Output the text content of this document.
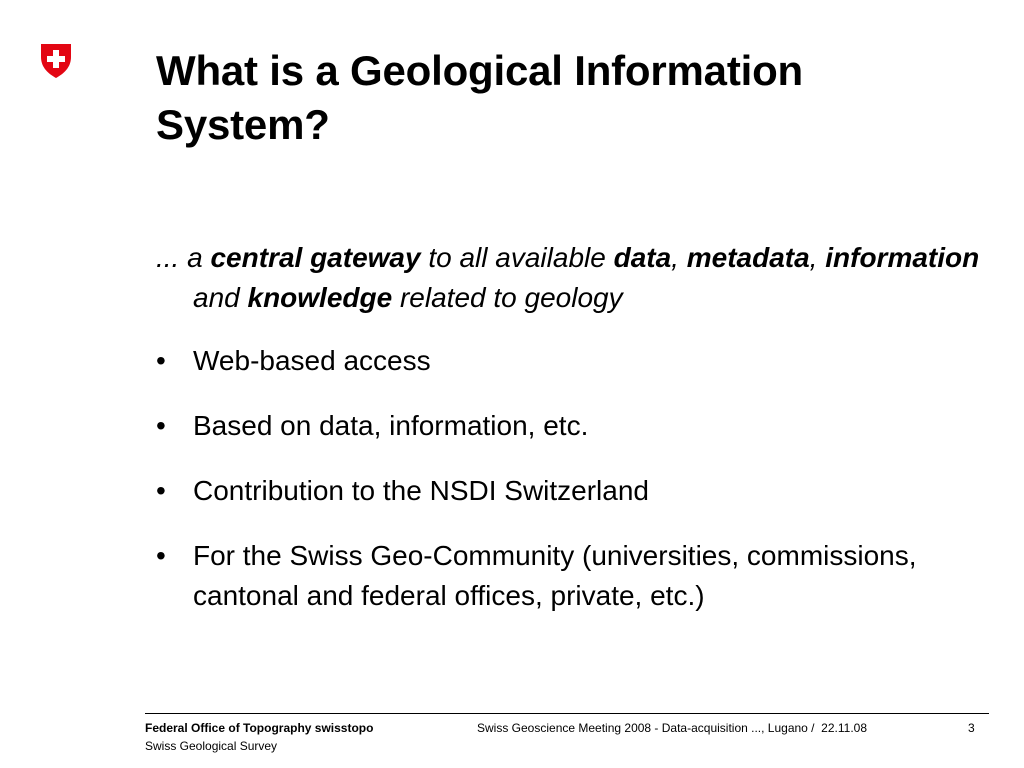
What is a Geological Information
System?
... a central gateway to all available data, metadata, information and knowledge related to geology
• Web-based access
• Based on data, information, etc.
• Contribution to the NSDI Switzerland
• For the Swiss Geo-Community (universities, commissions, cantonal and federal offices, private, etc.)
Federal Office of Topography swisstopo
Swiss Geological Survey
Swiss Geoscience Meeting 2008 - Data-acquisition ..., Lugano /  22.11.08	3
